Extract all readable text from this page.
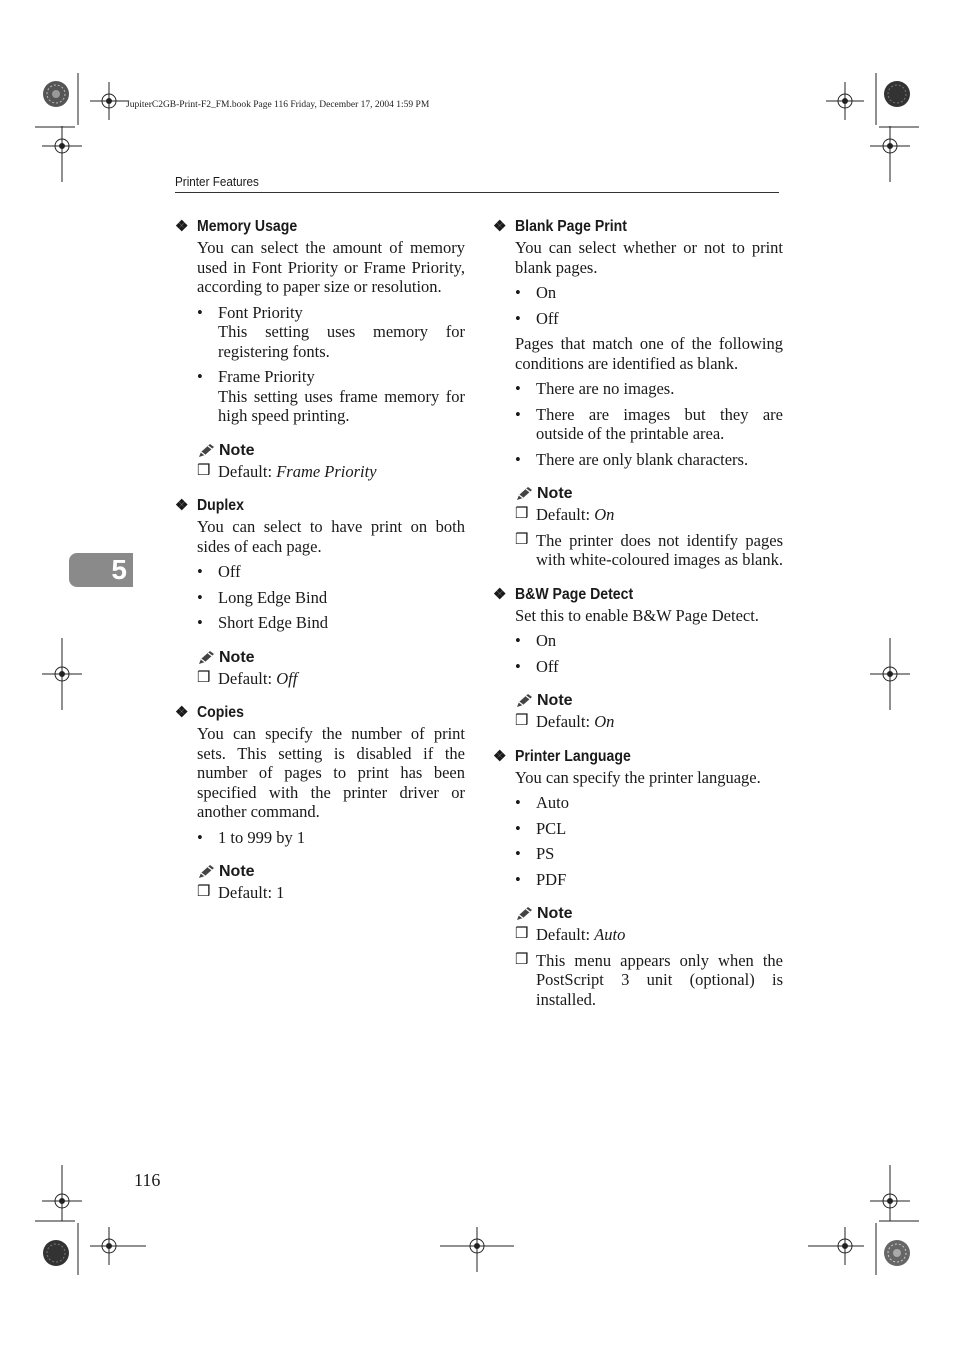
JupiterC2GB-Print-F2_FM.book Page 116 Friday, December 17, 2004 1:59 PM
Printer Features
5
116
❖ Memory Usage

You can select the amount of memory used in Font Priority or Frame Priority, according to paper size or resolution.

• Font Priority
This setting uses memory for registering fonts.
• Frame Priority
This setting uses frame memory for high speed printing.
Note
❒ Default: Frame Priority
❖ Duplex

You can select to have print on both sides of each page.

• Off
• Long Edge Bind
• Short Edge Bind
Note
❒ Default: Off
❖ Copies

You can specify the number of print sets. This setting is disabled if the number of pages to print has been specified with the printer driver or another command.

• 1 to 999 by 1
Note
❒ Default: 1
❖ Blank Page Print

You can select whether or not to print blank pages.

• On
• Off

Pages that match one of the following conditions are identified as blank.

• There are no images.
• There are images but they are outside of the printable area.
• There are only blank characters.
Note
❒ Default: On
❒ The printer does not identify pages with white-coloured images as blank.
❖ B&W Page Detect

Set this to enable B&W Page Detect.

• On
• Off
Note
❒ Default: On
❖ Printer Language

You can specify the printer language.

• Auto
• PCL
• PS
• PDF
Note
❒ Default: Auto
❒ This menu appears only when the PostScript 3 unit (optional) is installed.
